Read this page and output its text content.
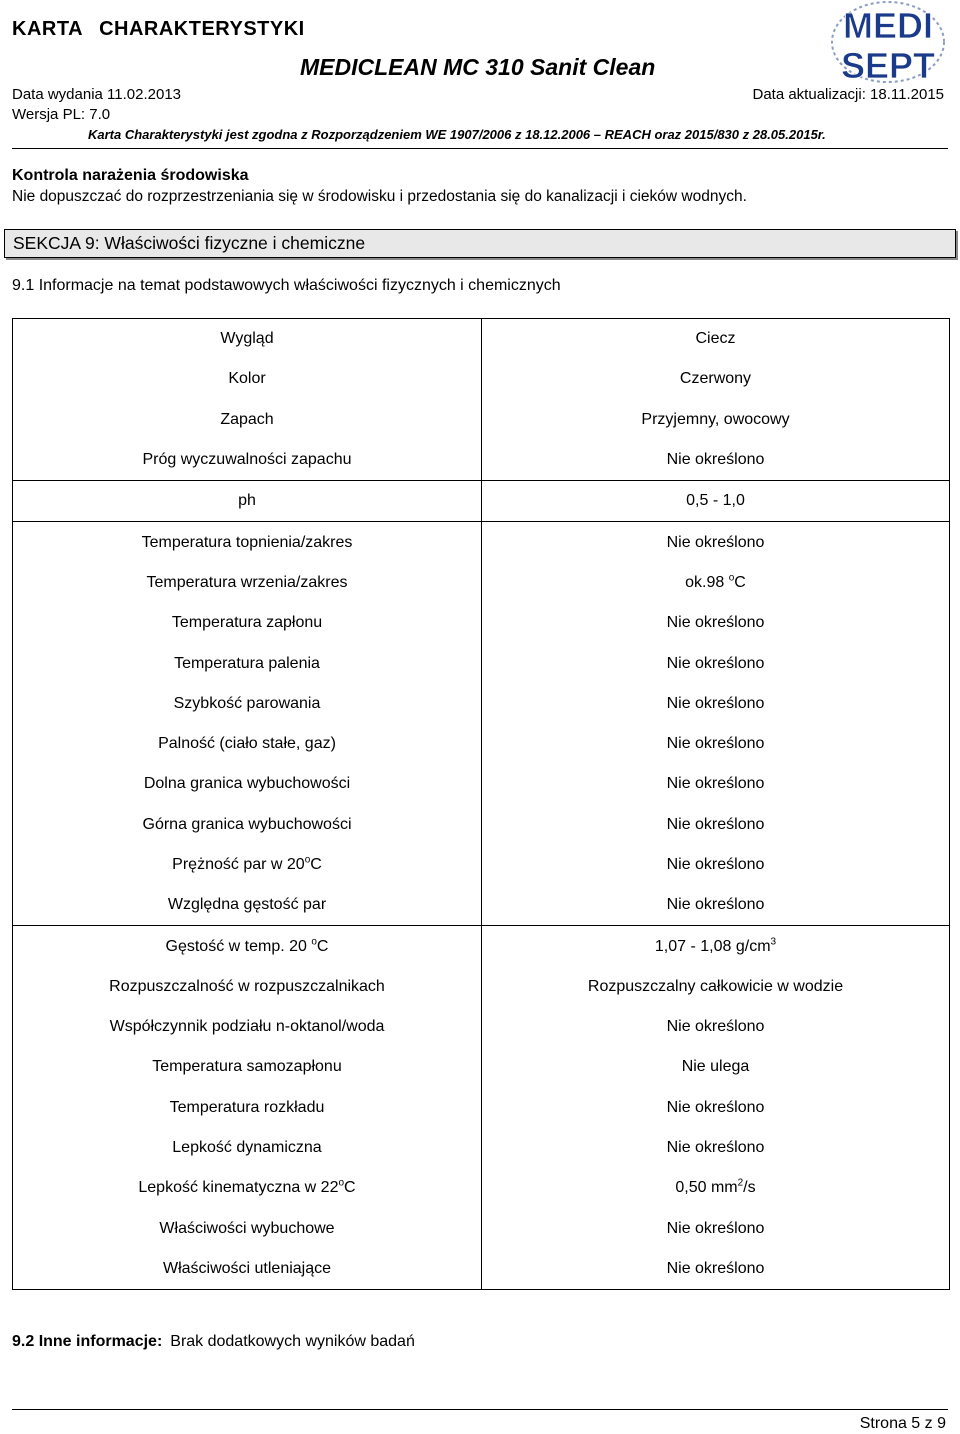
KARTA CHARAKTERYSTYKI
MEDICLEAN MC 310 Sanit Clean
Data wydania 11.02.2013	Data aktualizacji: 18.11.2015
Wersja PL: 7.0
Karta Charakterystyki jest zgodna z Rozporządzeniem WE 1907/2006 z 18.12.2006 – REACH oraz 2015/830 z 28.05.2015r.
MEDI
SEPT
Kontrola narażenia środowiska
Nie dopuszczać do rozprzestrzeniania się w środowisku i przedostania się do kanalizacji i cieków wodnych.
SEKCJA 9: Właściwości fizyczne i chemiczne
9.1 Informacje na temat podstawowych właściwości fizycznych i chemicznych
Wygląd	Ciecz
Kolor	Czerwony
Zapach	Przyjemny, owocowy
Próg wyczuwalności zapachu	Nie określono
ph	0,5 - 1,0
Temperatura topnienia/zakres	Nie określono
Temperatura wrzenia/zakres	ok.98 $^o$C
Temperatura zapłonu	Nie określono
Temperatura palenia	Nie określono
Szybkość parowania	Nie określono
Palność (ciało stałe, gaz)	Nie określono
Dolna granica wybuchowości	Nie określono
Górna granica wybuchowości	Nie określono
Prężność par w 20$^o$C	Nie określono
Względna gęstość par	Nie określono
Gęstość w temp. 20 $^o$C	1,07 - 1,08 $g/cm^3$
Rozpuszczalność w rozpuszczalnikach	Rozpuszczalny całkowicie w wodzie
Współczynnik podziału n-oktanol/woda	Nie określono
Temperatura samozapłonu	Nie ulega
Temperatura rozkładu	Nie określono
Lepkość dynamiczna	Nie określono
Lepkość kinematyczna w 22$^o$C	0,50 $mm^2/s$
Właściwości wybuchowe	Nie określono
Właściwości utleniające	Nie określono
9.2 Inne informacje: Brak dodatkowych wyników badań
Strona 5 z 9
